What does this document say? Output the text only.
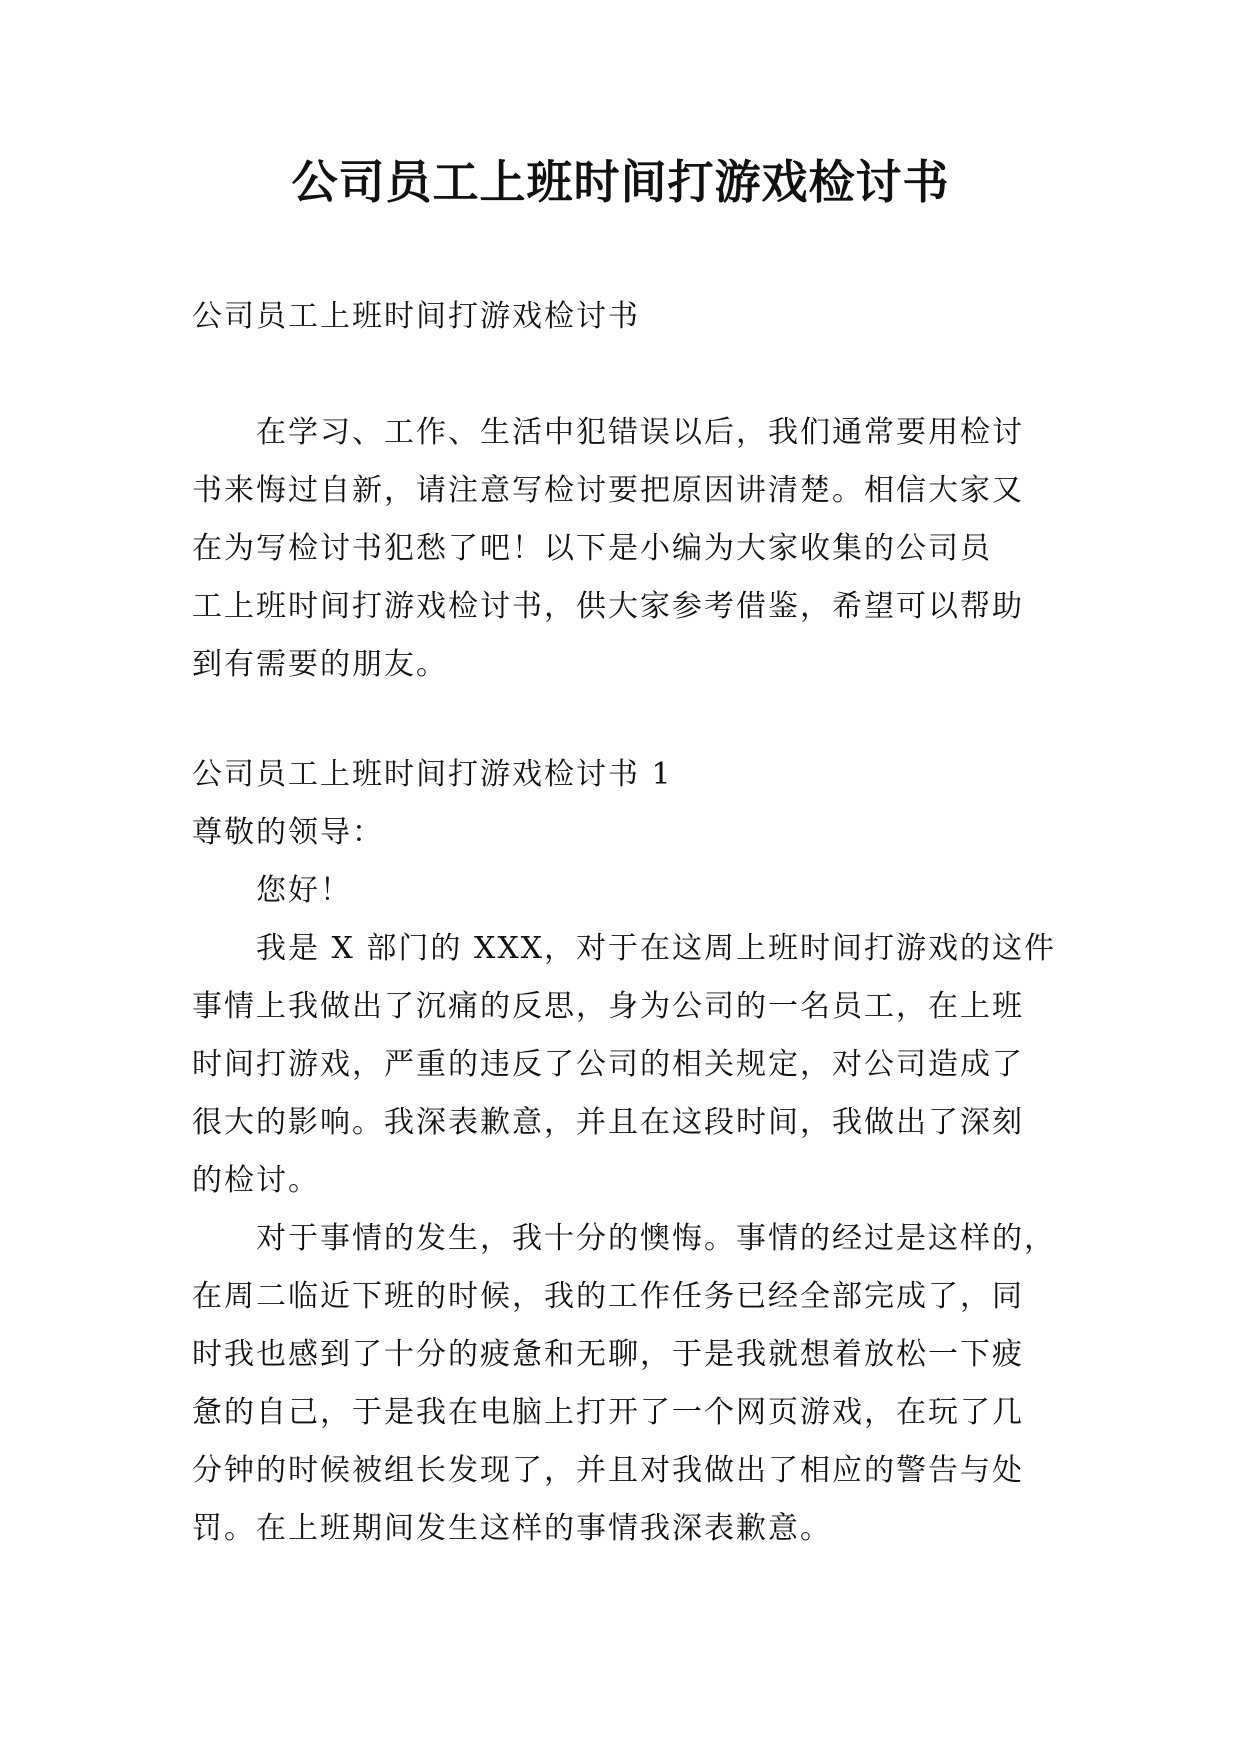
公司员工上班时间打游戏检讨书
公司员工上班时间打游戏检讨书
在学习、工作、生活中犯错误以后，我们通常要用检讨
书来悔过自新，请注意写检讨要把原因讲清楚。相信大家又
在为写检讨书犯愁了吧！以下是小编为大家收集的公司员
工上班时间打游戏检讨书，供大家参考借鉴，希望可以帮助
到有需要的朋友。
公司员工上班时间打游戏检讨书 1
尊敬的领导：
您好！
我是 X 部门的 XXX，对于在这周上班时间打游戏的这件
事情上我做出了沉痛的反思，身为公司的一名员工，在上班
时间打游戏，严重的违反了公司的相关规定，对公司造成了
很大的影响。我深表歉意，并且在这段时间，我做出了深刻
的检讨。
对于事情的发生，我十分的懊悔。事情的经过是这样的，
在周二临近下班的时候，我的工作任务已经全部完成了，同
时我也感到了十分的疲惫和无聊，于是我就想着放松一下疲
惫的自己，于是我在电脑上打开了一个网页游戏，在玩了几
分钟的时候被组长发现了，并且对我做出了相应的警告与处
罚。在上班期间发生这样的事情我深表歉意。
